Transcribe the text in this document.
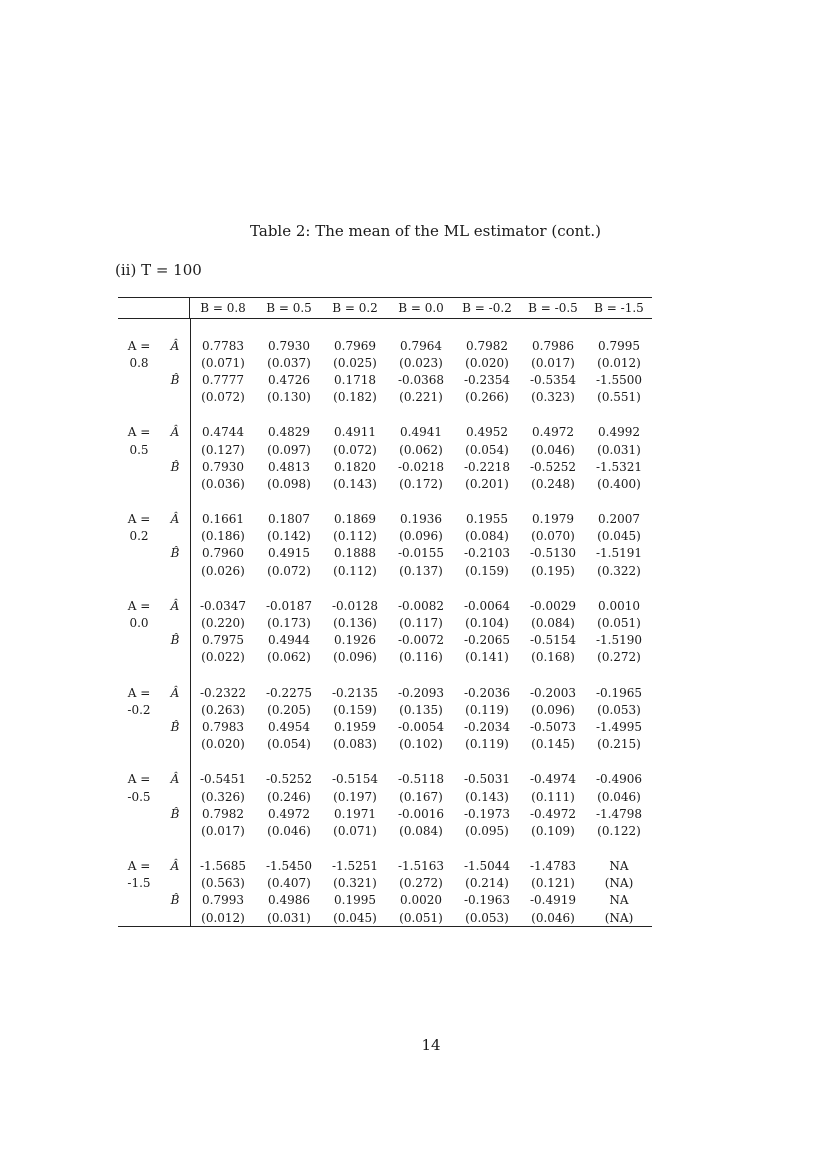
Table 2: The mean of the ML estimator (cont.)
(ii) T = 100
B = 0.8	B = 0.5	B = 0.2	B = 0.0	B = -0.2	B = -0.5	B = -1.5
A =	Â	0.7783	0.7930	0.7969	0.7964	0.7982	0.7986	0.7995
0.8	(0.071)	(0.037)	(0.025)	(0.023)	(0.020)	(0.017)	(0.012)
B̂	0.7777	0.4726	0.1718	-0.0368	-0.2354	-0.5354	-1.5500
(0.072)	(0.130)	(0.182)	(0.221)	(0.266)	(0.323)	(0.551)
A =	Â	0.4744	0.4829	0.4911	0.4941	0.4952	0.4972	0.4992
0.5	(0.127)	(0.097)	(0.072)	(0.062)	(0.054)	(0.046)	(0.031)
B̂	0.7930	0.4813	0.1820	-0.0218	-0.2218	-0.5252	-1.5321
(0.036)	(0.098)	(0.143)	(0.172)	(0.201)	(0.248)	(0.400)
A =	Â	0.1661	0.1807	0.1869	0.1936	0.1955	0.1979	0.2007
0.2	(0.186)	(0.142)	(0.112)	(0.096)	(0.084)	(0.070)	(0.045)
B̂	0.7960	0.4915	0.1888	-0.0155	-0.2103	-0.5130	-1.5191
(0.026)	(0.072)	(0.112)	(0.137)	(0.159)	(0.195)	(0.322)
A =	Â	-0.0347	-0.0187	-0.0128	-0.0082	-0.0064	-0.0029	0.0010
0.0	(0.220)	(0.173)	(0.136)	(0.117)	(0.104)	(0.084)	(0.051)
B̂	0.7975	0.4944	0.1926	-0.0072	-0.2065	-0.5154	-1.5190
(0.022)	(0.062)	(0.096)	(0.116)	(0.141)	(0.168)	(0.272)
A =	Â	-0.2322	-0.2275	-0.2135	-0.2093	-0.2036	-0.2003	-0.1965
-0.2	(0.263)	(0.205)	(0.159)	(0.135)	(0.119)	(0.096)	(0.053)
B̂	0.7983	0.4954	0.1959	-0.0054	-0.2034	-0.5073	-1.4995
(0.020)	(0.054)	(0.083)	(0.102)	(0.119)	(0.145)	(0.215)
A =	Â	-0.5451	-0.5252	-0.5154	-0.5118	-0.5031	-0.4974	-0.4906
-0.5	(0.326)	(0.246)	(0.197)	(0.167)	(0.143)	(0.111)	(0.046)
B̂	0.7982	0.4972	0.1971	-0.0016	-0.1973	-0.4972	-1.4798
(0.017)	(0.046)	(0.071)	(0.084)	(0.095)	(0.109)	(0.122)
A =	Â	-1.5685	-1.5450	-1.5251	-1.5163	-1.5044	-1.4783	NA
-1.5	(0.563)	(0.407)	(0.321)	(0.272)	(0.214)	(0.121)	(NA)
B̂	0.7993	0.4986	0.1995	0.0020	-0.1963	-0.4919	NA
(0.012)	(0.031)	(0.045)	(0.051)	(0.053)	(0.046)	(NA)
14
